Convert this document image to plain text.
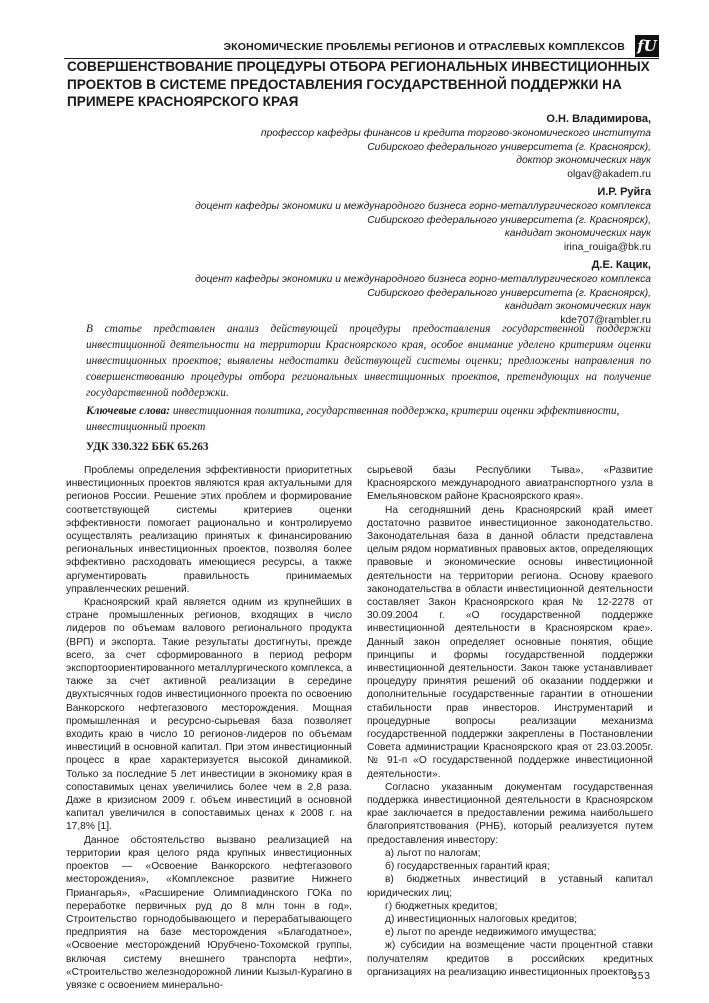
ЭКОНОМИЧЕСКИЕ ПРОБЛЕМЫ РЕГИОНОВ И ОТРАСЛЕВЫХ КОМПЛЕКСОВ fU
СОВЕРШЕНСТВОВАНИЕ ПРОЦЕДУРЫ ОТБОРА РЕГИОНАЛЬНЫХ ИНВЕСТИЦИОННЫХ ПРОЕКТОВ В СИСТЕМЕ ПРЕДОСТАВЛЕНИЯ ГОСУДАРСТВЕННОЙ ПОДДЕРЖКИ НА ПРИМЕРЕ КРАСНОЯРСКОГО КРАЯ
О.Н. Владимирова,
профессор кафедры финансов и кредита торгово-экономического института
Сибирского федерального университета (г. Красноярск),
доктор экономических наук
olgav@akadem.ru
И.Р. Руйга
доцент кафедры экономики и международного бизнеса горно-металлургического комплекса
Сибирского федерального университета (г. Красноярск),
кандидат экономических наук
irina_rouiga@bk.ru
Д.Е. Кацик,
доцент кафедры экономики и международного бизнеса горно-металлургического комплекса
Сибирского федерального университета (г. Красноярск),
кандидат экономических наук
kde707@rambler.ru
В статье представлен анализ действующей процедуры предоставления государственной поддержки инвестиционной деятельности на территории Красноярского края, особое внимание уделено критериям оценки инвестиционных проектов; выявлены недостатки действующей системы оценки; предложены направления по совершенствованию процедуры отбора региональных инвестиционных проектов, претендующих на получение государственной поддержки.
Ключевые слова: инвестиционная политика, государственная поддержка, критерии оценки эффективности, инвестиционный проект
УДК 330.322 ББК 65.263

Проблемы определения эффективности приоритетных инвестиционных проектов являются края актуальными для регионов России. Решение этих проблем и формирование соответствующей системы критериев оценки эффективности помогает рационально и контролируемо осуществлять реализацию принятых к финансированию региональных инвестиционных проектов, позволяя более эффективно расходовать имеющиеся ресурсы, а также аргументировать правильность принимаемых управленческих решений.

Красноярский край является одним из крупнейших в стране промышленных регионов, входящих в число лидеров по объемам валового регионального продукта (ВРП) и экспорта. Такие результаты достигнуты, прежде всего, за счет сформированного в период реформ экспортоориентированного металлургического комплекса, а также за счет активной реализации в середине двухтысячных годов инвестиционного проекта по освоению Ванкорского нефтегазового месторождения. Мощная промышленная и ресурсно-сырьевая база позволяет входить краю в число 10 регионов-лидеров по объемам инвестиций в основной капитал. При этом инвестиционный процесс в крае характеризуется высокой динамикой. Только за последние 5 лет инвестиции в экономику края в сопоставимых ценах увеличились более чем в 2,8 раза. Даже в кризисном 2009 г. объем инвестиций в основной капитал увеличился в сопоставимых ценах к 2008 г. на 17,8% [1].

Данное обстоятельство вызвано реализацией на территории края целого ряда крупных инвестиционных проектов — «Освоение Ванкорского нефтегазового месторождения», «Комплексное развитие Нижнего Приангарья», «Расширение Олимпиадинского ГОКа по переработке первичных руд до 8 млн тонн в год», Строительство горнодобывающего и перерабатывающего предприятия на базе месторождения «Благодатное», «Освоение месторождений Юрубчено-Тохомской группы, включая систему внешнего транспорта нефти», «Строительство железнодорожной линии Кызыл-Курагино в увязке с освоением минерально-

сырьевой базы Республики Тыва», «Развитие Красноярского международного авиатранспортного узла в Емельяновском районе Красноярского края».

На сегодняшний день Красноярский край имеет достаточно развитое инвестиционное законодательство. Законодательная база в данной области представлена целым рядом нормативных правовых актов, определяющих правовые и экономические основы инвестиционной деятельности на территории региона. Основу краевого законодательства в области инвестиционной деятельности составляет Закон Красноярского края № 12-2278 от 30.09.2004 г. «О государственной поддержке инвестиционной деятельности в Красноярском крае». Данный закон определяет основные понятия, общие принципы и формы государственной поддержки инвестиционной деятельности. Закон также устанавливает процедуру принятия решений об оказании поддержки и дополнительные государственные гарантии в отношении стабильности прав инвесторов. Инструментарий и процедурные вопросы реализации механизма государственной поддержки закреплены в Постановлении Совета администрации Красноярского края от 23.03.2005г. № 91-п «О государственной поддержке инвестиционной деятельности».

Согласно указанным документам государственная поддержка инвестиционной деятельности в Красноярском крае заключается в предоставлении режима наибольшего благоприятствования (РНБ), который реализуется путем предоставления инвестору:

а) льгот по налогам;

б) государственных гарантий края;

в) бюджетных инвестиций в уставный капитал юридических лиц;

г) бюджетных кредитов;

д) инвестиционных налоговых кредитов;

е) льгот по аренде недвижимого имущества;

ж) субсидии на возмещение части процентной ставки получателям кредитов в российских кредитных организациях на реализацию инвестиционных проектов.

353
